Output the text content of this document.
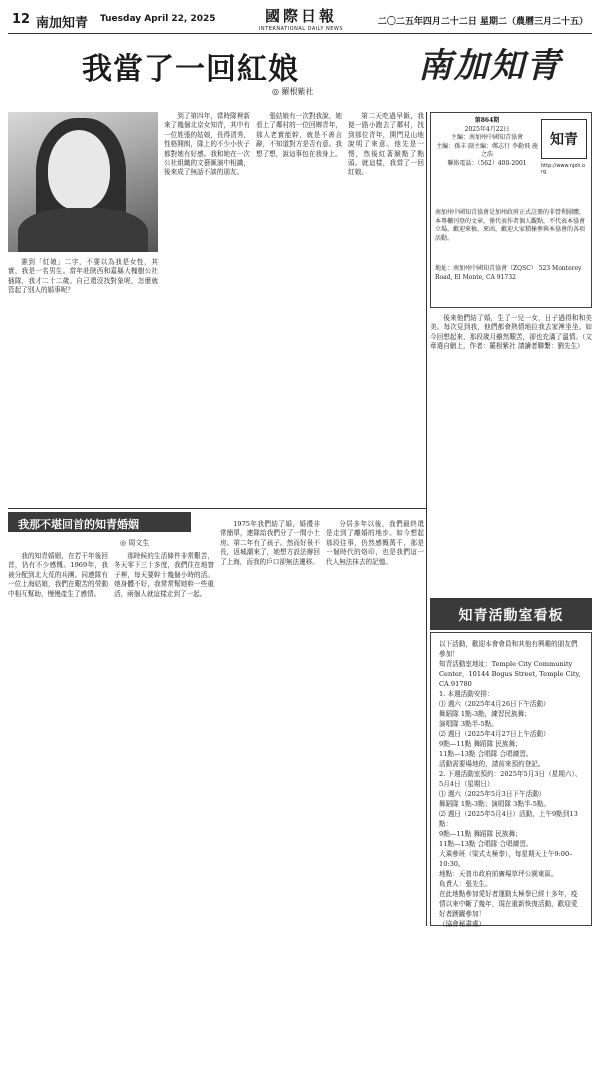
12 南加知青 Tuesday April 22, 2025	國際日報
INTERNATIONAL DAILY NEWS
二〇二五年四月二十二日 星期二（農曆三月二十五）
我當了一回紅娘
◎ 羅根紫社
南加知青

誰到「紅娘」二字，不要以為我是女性，其實，我是一名男生。當年赴陝西和嘉縣大槐樹公社插隊，我才二十二歲。自己還沒找對象呢，怎麼就管起了別人的婚事呢？

到了第四年，當時隊裡新來了幾個北京女知青，其中有一位姓張的姑娘，長得清秀，性格開朗，隊上的不少小伙子都對她有好感。我和她在一次公社組織的文藝匯演中相識，後來成了無話不談的朋友。

張姑娘有一次對我說，她看上了鄰村的一位回鄉青年，那人老實能幹，就是不善言辭，不知道對方是否有意。我想了想，說這事包在我身上。

第二天吃過早飯，我便一路小跑去了鄰村，找到那位青年，開門見山地說明了來意。他先是一愣，然後紅著臉點了點頭。就這樣，我當了一回紅娘。

後來他們結了婚，生了一兒一女，日子過得和和美美。每次見到我，他們都會熱情地拉我去家裡坐坐。如今回想起來，那段歲月雖然艱苦，卻也充滿了溫情。（文章選自網上，作者：羅根紫社 請讀者聯繫：劉先生）

第864期
2025年4月22日
主編：南加州中國知青協會
主編：孫丰 副主編：鄭志行 李勒飛 施之浩
聯絡電話：（562）400-2001
知青
http://www.njxh.org
南加州中國知青協會是加州政府正式註冊的非營利團體，本專欄刊登的文章，僅代表作者個人觀點，不代表本協會立場。歡迎來稿、來函，歡迎大家積極參與本協會的各項活動。
地址：南加州中國知青協會（ZQSC） 523 Monterey Road, El Monte, CA 91732
我那不堪回首的知青婚姻
◎ 周文生

我的知青婚姻，在若干年後回首，仍有不少感慨。1969年，我被分配到北大荒的兵團。同連隊有一位上海姑娘，我們在艱苦的勞動中相互幫助，慢慢產生了感情。

那時候的生活條件非常艱苦，冬天零下三十多度，我們住在地窨子裡，每天要幹十幾個小時的活。她身體不好，我常常幫她幹一些重活，兩個人就這樣走到了一起。

1975年我們結了婚，婚禮非常簡單，連隊給我們分了一間小土房。第二年有了孩子。然而好景不長，返城潮來了，她想方設法辦回了上海，而我的戶口卻無法遷移。

分居多年以後，我們最終還是走到了離婚的地步。如今想起那段往事，仍然感慨萬千，那是一個時代的烙印，也是我們這一代人無法抹去的記憶。

知青活動室看板
以下活動，歡迎本會會員和其他有興趣的朋友們參加！
知青活動室地址：Temple City Community Center，10144 Bogus Street, Temple City, CA 91780
1. 本週活動安排：
⑴ 週六（2025年4月26日下午活動）
舞蹈隊 1點-3點，練習民族舞；
演唱隊 3點半-5點。
⑵ 週日（2025年4月27日上午活動）
9點—11點 舞蹈隊 民族舞；
11點—13點 合唱隊 合唱練習。
活動需要場地的，請前來預約登記。
2. 下週活動室預約：2025年5月3日（星期六）、5月4日（星期日）
⑴ 週六（2025年5月3日下午活動）
舞蹈隊 1點-3點；演唱隊 3點半-5點。
⑵ 週日（2025年5月4日）活動，上午9點到13點：
9點—11點 舞蹈隊 民族舞；
11點—13點 合唱隊 合唱練習。
大乘參班（梁式太極拳），每星期天上午9:00–10:30。
地點：天普市政府前廣場草坪公園東區。
負責人：張先生。
在此地點參加愛好者運動太極拳已經十多年，疫情以來中斷了幾年，現在重新恢復活動，歡迎愛好者踴躍參加！
（協會秘書處）
